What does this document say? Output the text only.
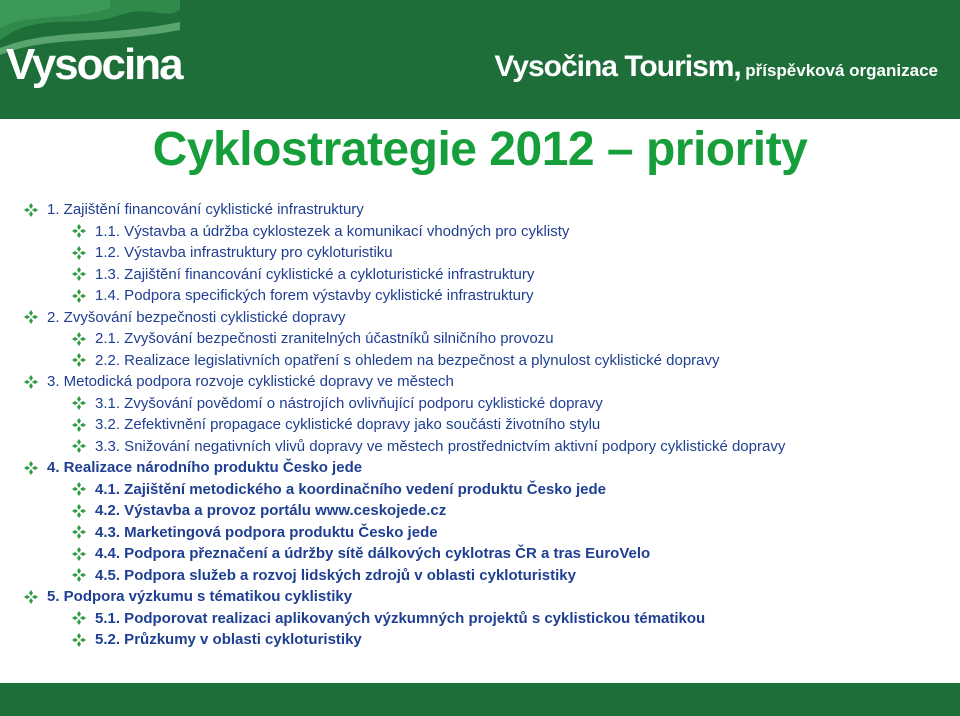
Vysocina	Vysočina Tourism, příspěvková organizace
Cyklostrategie 2012 – priority
1. Zajištění financování cyklistické infrastruktury
1.1. Výstavba a údržba cyklostezek a komunikací vhodných pro cyklisty
1.2. Výstavba infrastruktury pro cykloturistiku
1.3. Zajištění financování cyklistické a cykloturistické infrastruktury
1.4. Podpora specifických forem výstavby cyklistické infrastruktury
2. Zvyšování bezpečnosti cyklistické dopravy
2.1. Zvyšování bezpečnosti zranitelných účastníků silničního provozu
2.2. Realizace legislativních opatření s ohledem na bezpečnost a plynulost cyklistické dopravy
3. Metodická podpora rozvoje cyklistické dopravy ve městech
3.1. Zvyšování povědomí o nástrojích ovlivňující podporu cyklistické dopravy
3.2. Zefektivnění propagace cyklistické dopravy jako součásti životního stylu
3.3. Snižování negativních vlivů dopravy ve městech prostřednictvím aktivní podpory cyklistické dopravy
4. Realizace národního produktu Česko jede
4.1. Zajištění metodického a koordinačního vedení produktu Česko jede
4.2. Výstavba a provoz portálu www.ceskojede.cz
4.3. Marketingová podpora produktu Česko jede
4.4. Podpora přeznačení a údržby sítě dálkových cyklotras ČR a tras EuroVelo
4.5. Podpora služeb a rozvoj lidských zdrojů v oblasti cykloturistiky
5. Podpora výzkumu s tématikou cyklistiky
5.1. Podporovat realizaci aplikovaných výzkumných projektů s cyklistickou tématikou
5.2. Průzkumy v oblasti cykloturistiky
